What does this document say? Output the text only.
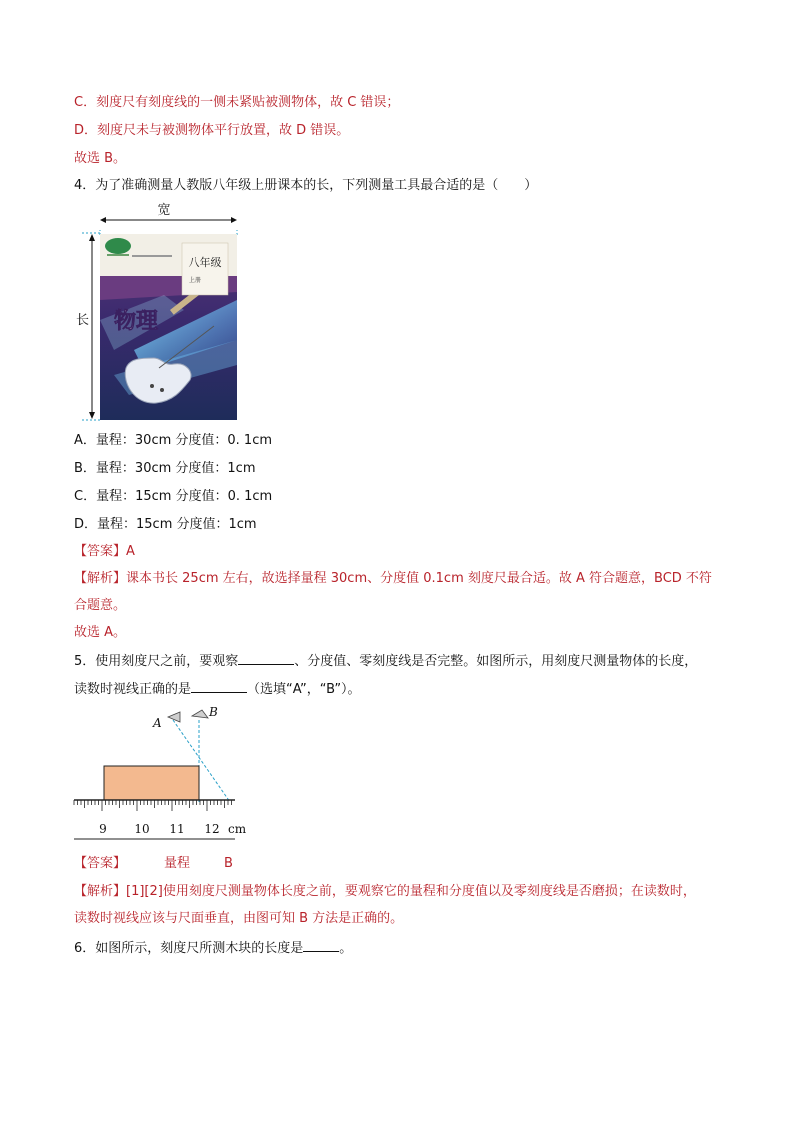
C．刻度尺有刻度线的一侧未紧贴被测物体，故 C 错误；
D．刻度尺未与被测物体平行放置，故 D 错误。
故选 B。
4．为了准确测量人教版八年级上册课本的长，下列测量工具最合适的是（　　）
八年级
上册
物理
宽
长
A．量程：30cm 分度值：0. 1cm
B．量程：30cm 分度值：1cm
C．量程：15cm 分度值：0. 1cm
D．量程：15cm 分度值：1cm
【答案】A
【解析】课本书长 25cm 左右，故选择量程 30cm、分度值 0.1cm 刻度尺最合适。故 A 符合题意，BCD 不符
合题意。
故选 A。
5．使用刻度尺之前，要观察	、分度值、零刻度线是否完整。如图所示，用刻度尺测量物体的长度，
读数时视线正确的是	（选填“A”，“B”）。
A
B
9 10 11 12 cm
【答案】	量程	B
【解析】[1][2]使用刻度尺测量物体长度之前，要观察它的量程和分度值以及零刻度线是否磨损；在读数时，
读数时视线应该与尺面垂直，由图可知 B 方法是正确的。
6．如图所示，刻度尺所测木块的长度是	。
